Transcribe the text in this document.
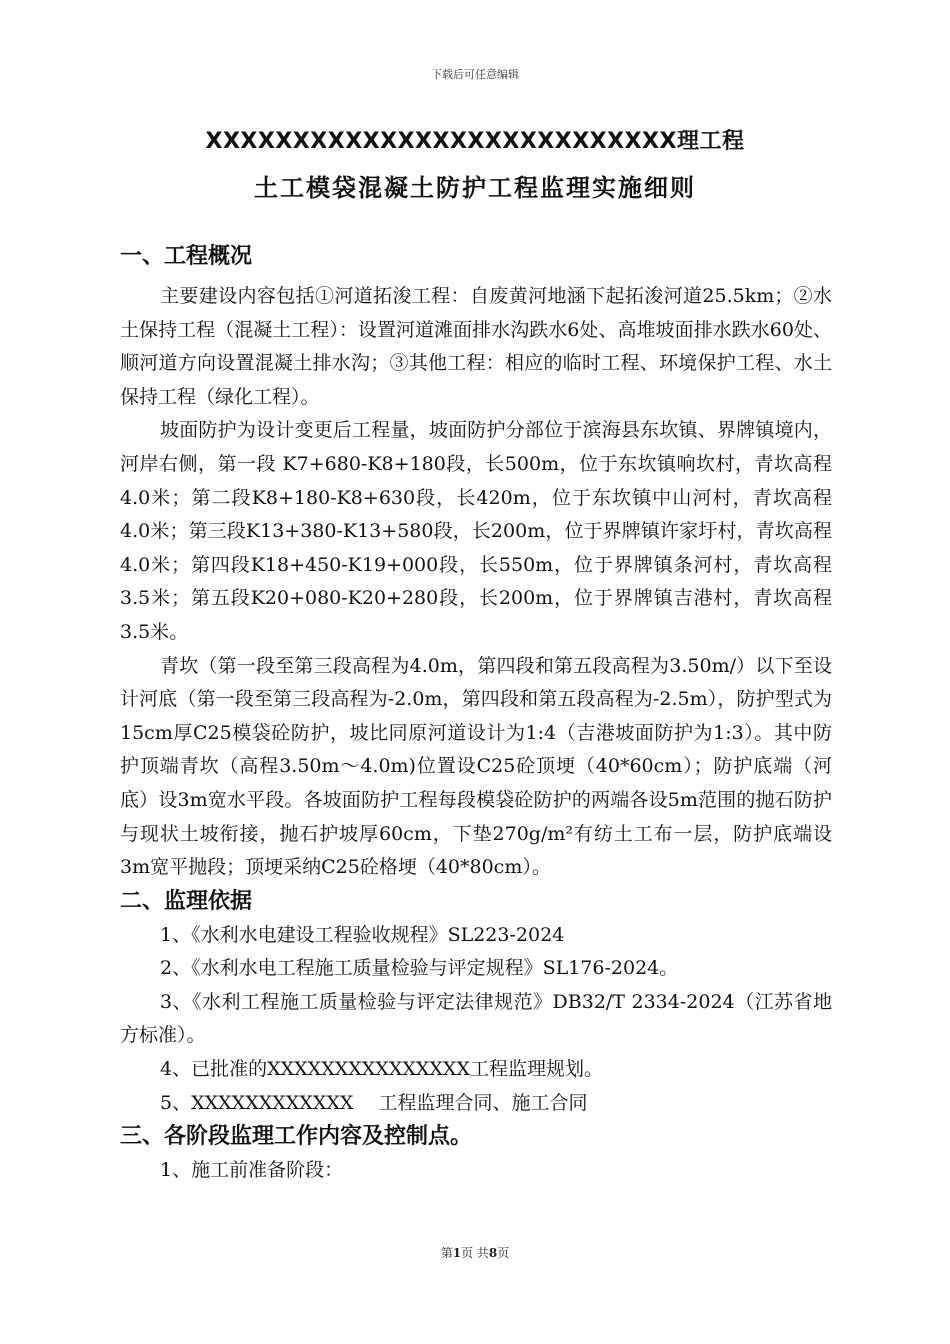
下载后可任意编辑
XXXXXXXXXXXXXXXXXXXXXXXXXXX理工程
土工模袋混凝土防护工程监理实施细则
一、工程概况

主要建设内容包括①河道拓浚工程：自废黄河地涵下起拓浚河道25.5km；②水土保持工程（混凝土工程）：设置河道滩面排水沟跌水6处、高堆坡面排水跌水60处、顺河道方向设置混凝土排水沟；③其他工程：相应的临时工程、环境保护工程、水土保持工程（绿化工程）。

坡面防护为设计变更后工程量，坡面防护分部位于滨海县东坎镇、界牌镇境内，河岸右侧，第一段 K7+680-K8+180段，长500m，位于东坎镇响坎村，青坎高程4.0米；第二段K8+180-K8+630段，长420m，位于东坎镇中山河村，青坎高程4.0米；第三段K13+380-K13+580段，长200m，位于界牌镇许家圩村，青坎高程4.0米；第四段K18+450-K19+000段，长550m，位于界牌镇条河村，青坎高程3.5米；第五段K20+080-K20+280段，长200m，位于界牌镇吉港村，青坎高程3.5米。

青坎（第一段至第三段高程为4.0m，第四段和第五段高程为3.50m/）以下至设计河底（第一段至第三段高程为-2.0m，第四段和第五段高程为-2.5m），防护型式为15cm厚C25模袋砼防护，坡比同原河道设计为1:4（吉港坡面防护为1:3）。其中防护顶端青坎（高程3.50m～4.0m)位置设C25砼顶埂（40*60cm）；防护底端（河底）设3m宽水平段。各坡面防护工程每段模袋砼防护的两端各设5m范围的抛石防护与现状土坡衔接，抛石护坡厚60cm，下垫270g/m²有纺土工布一层，防护底端设3m宽平抛段；顶埂采纳C25砼格埂（40*80cm）。

二、监理依据

1、《水利水电建设工程验收规程》SL223-2024

2、《水利水电工程施工质量检验与评定规程》SL176-2024。

3、《水利工程施工质量检验与评定法律规范》DB32/T 2334-2024（江苏省地方标准）。

4、已批准的XXXXXXXXXXXXXXX工程监理规划。

5、XXXXXXXXXXXX　 工程监理合同、施工合同

三、各阶段监理工作内容及控制点。

1、施工前准备阶段：

第1页 共8页
